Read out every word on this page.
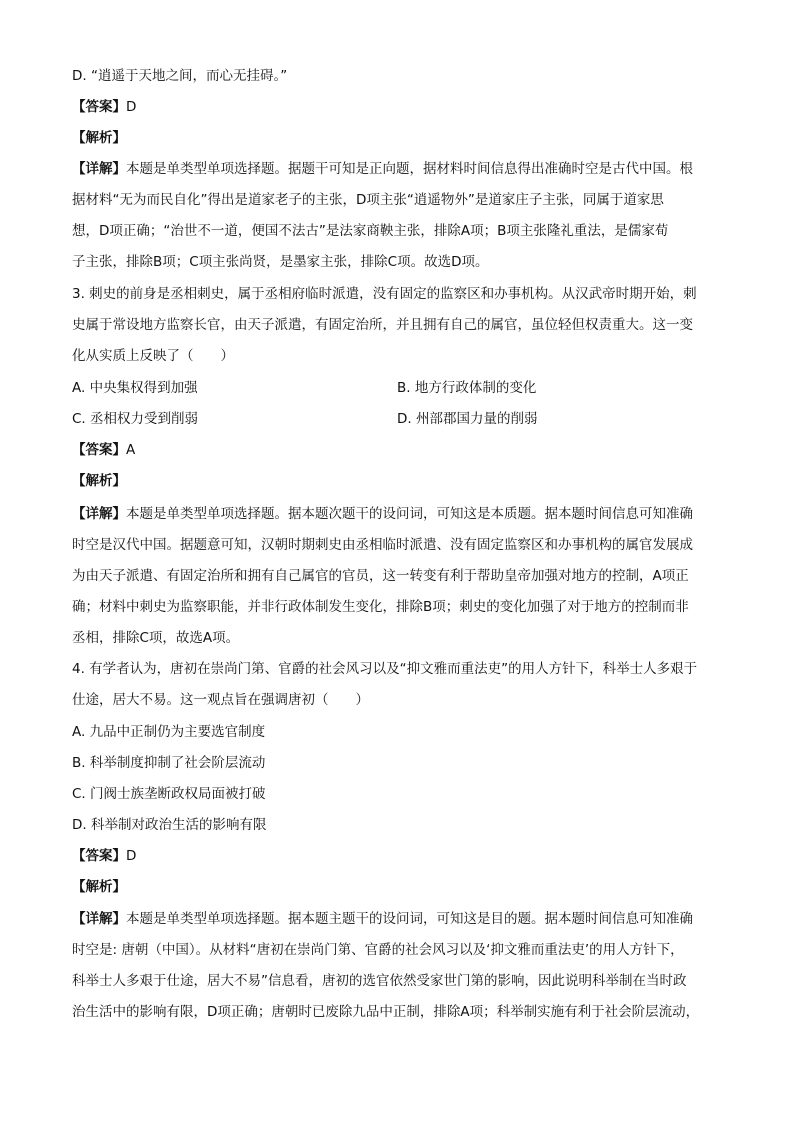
D. “逍遥于天地之间，而心无挂碍。”
【答案】D
【解析】
【详解】本题是单类型单项选择题。据题干可知是正向题，据材料时间信息得出准确时空是古代中国。根
据材料“无为而民自化”得出是道家老子的主张，D项主张“逍遥物外”是道家庄子主张，同属于道家思
想，D项正确；“治世不一道，便国不法古”是法家商鞅主张，排除A项；B项主张隆礼重法，是儒家荀
子主张，排除B项；C项主张尚贤，是墨家主张，排除C项。故选D项。
3. 刺史的前身是丞相刺史，属于丞相府临时派遣，没有固定的监察区和办事机构。从汉武帝时期开始，刺
史属于常设地方监察长官，由天子派遣，有固定治所，并且拥有自己的属官，虽位轻但权责重大。这一变
化从实质上反映了（　　）
A. 中央集权得到加强	B. 地方行政体制的变化
C. 丞相权力受到削弱	D. 州部郡国力量的削弱
【答案】A
【解析】
【详解】本题是单类型单项选择题。据本题次题干的设问词，可知这是本质题。据本题时间信息可知准确
时空是汉代中国。据题意可知，汉朝时期刺史由丞相临时派遣、没有固定监察区和办事机构的属官发展成
为由天子派遣、有固定治所和拥有自己属官的官员，这一转变有利于帮助皇帝加强对地方的控制，A项正
确；材料中刺史为监察职能，并非行政体制发生变化，排除B项；刺史的变化加强了对于地方的控制而非
丞相，排除C项，故选A项。
4. 有学者认为，唐初在崇尚门第、官爵的社会风习以及“抑文雅而重法吏”的用人方针下，科举士人多艰于
仕途，居大不易。这一观点旨在强调唐初（　　）
A. 九品中正制仍为主要选官制度
B. 科举制度抑制了社会阶层流动
C. 门阀士族垄断政权局面被打破
D. 科举制对政治生活的影响有限
【答案】D
【解析】
【详解】本题是单类型单项选择题。据本题主题干的设问词，可知这是目的题。据本题时间信息可知准确
时空是: 唐朝（中国）。从材料“唐初在崇尚门第、官爵的社会风习以及‘抑文雅而重法吏’的用人方针下，
科举士人多艰于仕途，居大不易”信息看，唐初的选官依然受家世门第的影响，因此说明科举制在当时政
治生活中的影响有限，D项正确；唐朝时已废除九品中正制，排除A项；科举制实施有利于社会阶层流动，
